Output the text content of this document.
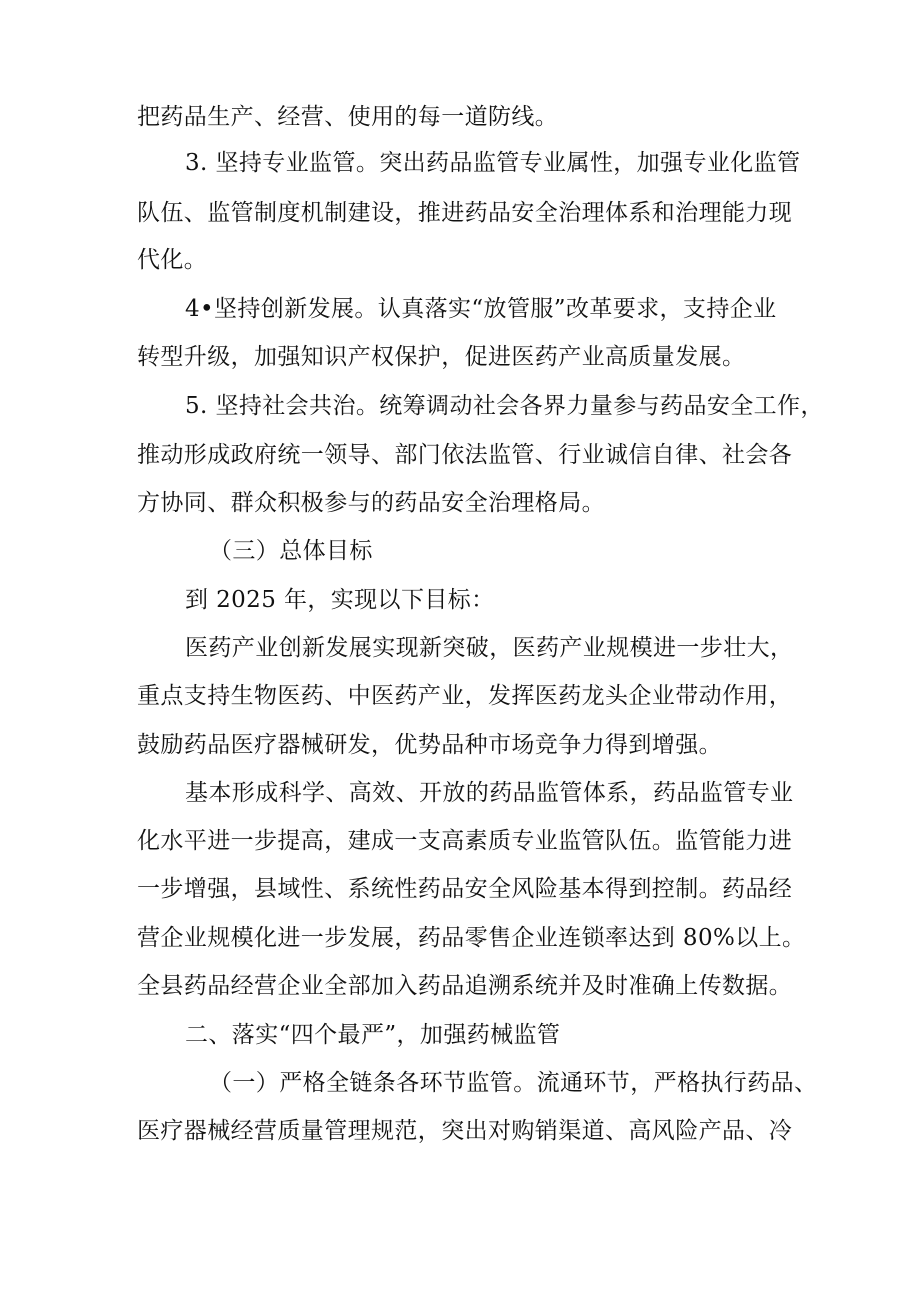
把药品生产、经营、使用的每一道防线。
3. 坚持专业监管。突出药品监管专业属性，加强专业化监管
队伍、监管制度机制建设，推进药品安全治理体系和治理能力现
代化。
4•坚持创新发展。认真落实“放管服”改革要求，支持企业
转型升级，加强知识产权保护，促进医药产业高质量发展。
5. 坚持社会共治。统筹调动社会各界力量参与药品安全工作，
推动形成政府统一领导、部门依法监管、行业诚信自律、社会各
方协同、群众积极参与的药品安全治理格局。
（三）总体目标
到 2025 年，实现以下目标：
医药产业创新发展实现新突破，医药产业规模进一步壮大，
重点支持生物医药、中医药产业，发挥医药龙头企业带动作用，
鼓励药品医疗器械研发，优势品种市场竞争力得到增强。
基本形成科学、高效、开放的药品监管体系，药品监管专业
化水平进一步提高，建成一支高素质专业监管队伍。监管能力进
一步增强，县域性、系统性药品安全风险基本得到控制。药品经
营企业规模化进一步发展，药品零售企业连锁率达到 80%以上。
全县药品经营企业全部加入药品追溯系统并及时准确上传数据。
二、落实“四个最严”，加强药械监管
（一）严格全链条各环节监管。流通环节，严格执行药品、
医疗器械经营质量管理规范，突出对购销渠道、高风险产品、冷
